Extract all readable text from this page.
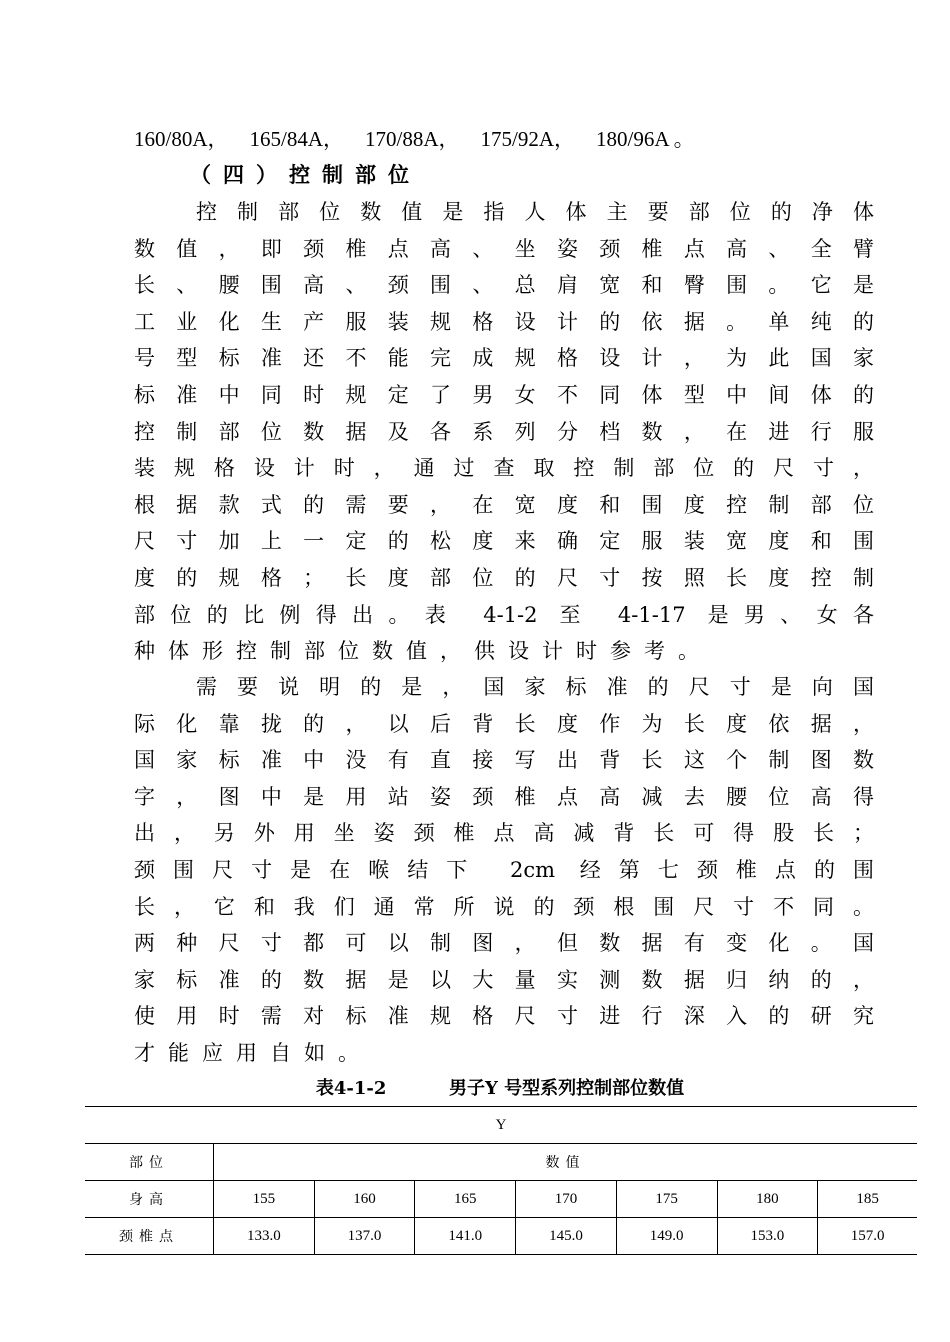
160/80A，    165/84A，    170/88A，    175/92A，    180/96A 。
（四）控制部位
控制部位数值是指人体主要部位的净体
数值，即颈椎点高、坐姿颈椎点高、全臂
长、腰围高、颈围、总肩宽和臀围。它是
工业化生产服装规格设计的依据。单纯的
号型标准还不能完成规格设计，为此国家
标准中同时规定了男女不同体型中间体的
控制部位数据及各系列分档数，在进行服
装规格设计时，通过查取控制部位的尺寸，
根据款式的需要，在宽度和围度控制部位
尺寸加上一定的松度来确定服装宽度和围
度的规格；长度部位的尺寸按照长度控制
部位的比例得出。表 4-1-2 至 4-1-17 是男、女各
种体形控制部位数值，供设计时参考。
需要说明的是，国家标准的尺寸是向国
际化靠拢的，以后背长度作为长度依据，
国家标准中没有直接写出背长这个制图数
字，图中是用站姿颈椎点高减去腰位高得
出，另外用坐姿颈椎点高减背长可得股长；
颈围尺寸是在喉结下 2cm 经第七颈椎点的围
长，它和我们通常所说的颈根围尺寸不同。
两种尺寸都可以制图，但数据有变化。国
家标准的数据是以大量实测数据归纳的，
使用时需对标准规格尺寸进行深入的研究
才能应用自如。
表4-1-2          男子Y 号型系列控制部位数值
Y							
部位	数值						
身高	155	160	165	170	175	180	185
颈椎点	133.0	137.0	141.0	145.0	149.0	153.0	157.0
